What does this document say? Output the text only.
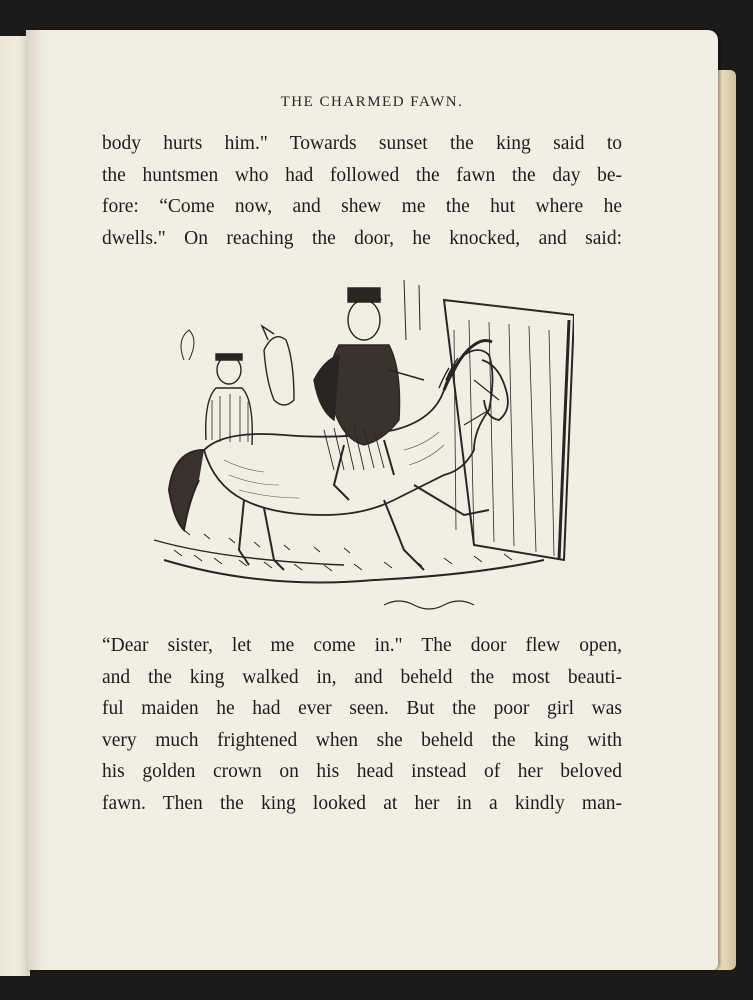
THE CHARMED FAWN.
body hurts him." Towards sunset the king said to
the huntsmen who had followed the fawn the day be-
fore: “Come now, and shew me the hut where he
dwells." On reaching the door, he knocked, and said:
“Dear sister, let me come in." The door flew open,
and the king walked in, and beheld the most beauti-
ful maiden he had ever seen. But the poor girl was
very much frightened when she beheld the king with
his golden crown on his head instead of her beloved
fawn. Then the king looked at her in a kindly man-
